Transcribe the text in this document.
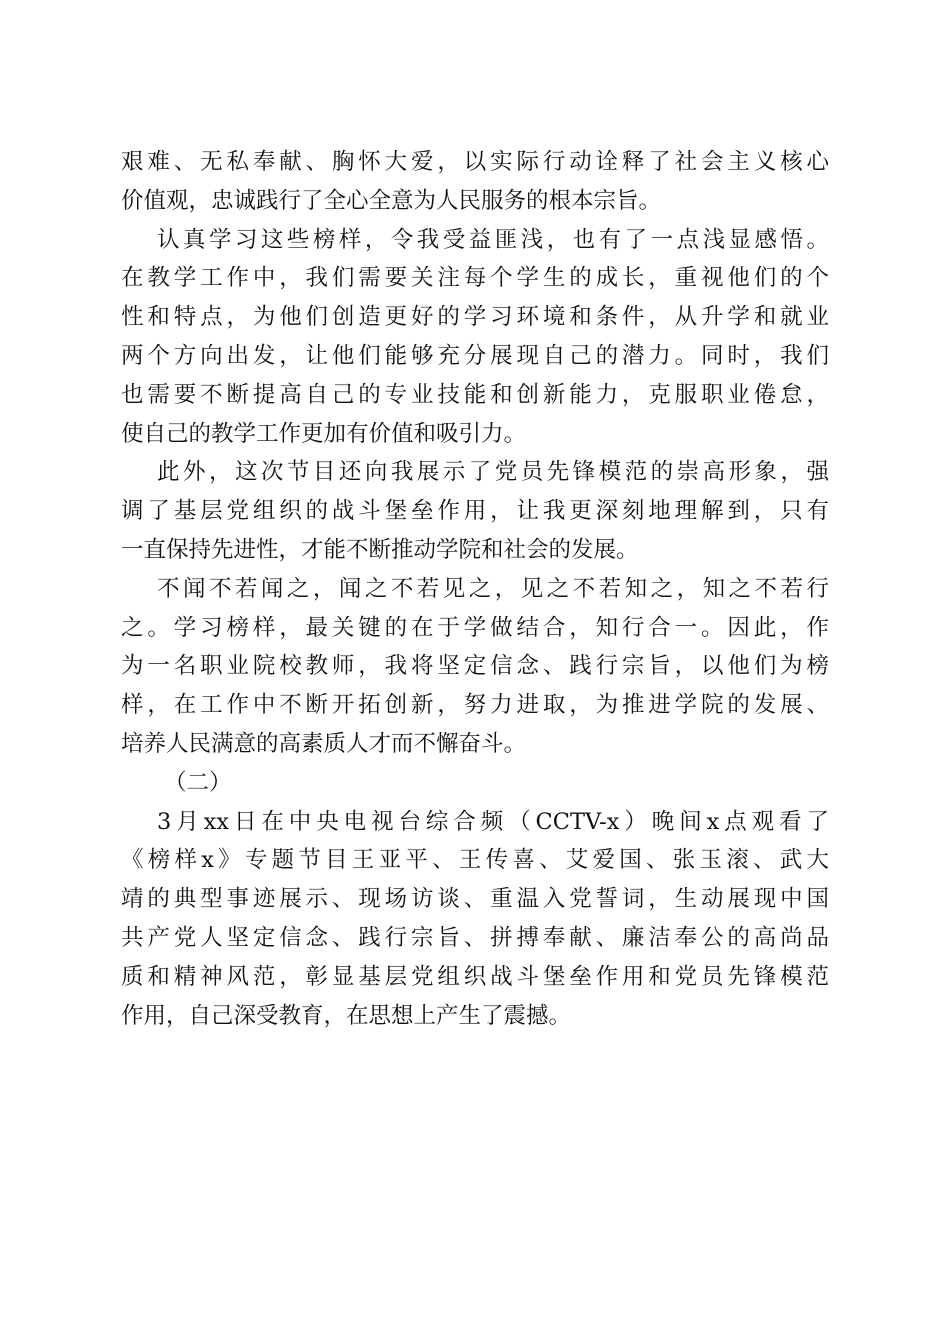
艰难、无私奉献、胸怀大爱，以实际行动诠释了社会主义核心
价值观，忠诚践行了全心全意为人民服务的根本宗旨。
认真学习这些榜样，令我受益匪浅，也有了一点浅显感悟。
在教学工作中，我们需要关注每个学生的成长，重视他们的个
性和特点，为他们创造更好的学习环境和条件，从升学和就业
两个方向出发，让他们能够充分展现自己的潜力。同时，我们
也需要不断提高自己的专业技能和创新能力，克服职业倦怠，
使自己的教学工作更加有价值和吸引力。
此外，这次节目还向我展示了党员先锋模范的崇高形象，强
调了基层党组织的战斗堡垒作用，让我更深刻地理解到，只有
一直保持先进性，才能不断推动学院和社会的发展。
不闻不若闻之，闻之不若见之，见之不若知之，知之不若行
之。学习榜样，最关键的在于学做结合，知行合一。因此，作
为一名职业院校教师，我将坚定信念、践行宗旨，以他们为榜
样，在工作中不断开拓创新，努力进取，为推进学院的发展、
培养人民满意的高素质人才而不懈奋斗。
（二）
3月xx日在中央电视台综合频（CCTV-x）晚间x点观看了
《榜样x》专题节目王亚平、王传喜、艾爱国、张玉滚、武大
靖的典型事迹展示、现场访谈、重温入党誓词，生动展现中国
共产党人坚定信念、践行宗旨、拼搏奉献、廉洁奉公的高尚品
质和精神风范，彰显基层党组织战斗堡垒作用和党员先锋模范
作用，自己深受教育，在思想上产生了震撼。
